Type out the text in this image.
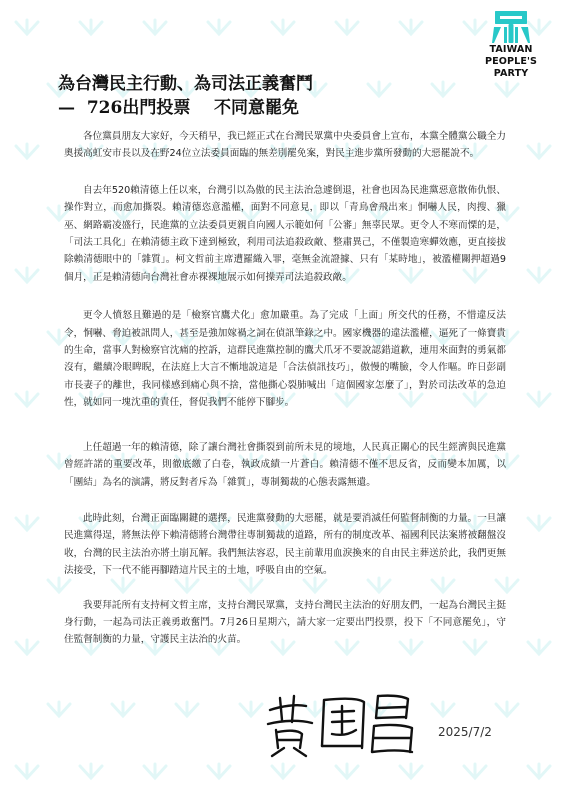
TAIWAN
PEOPLE'S
PARTY
為台灣民主行動、為司法正義奮鬥
—  726出門投票    不同意罷免

各位黨員朋友大家好，今天稍早，我已經正式在台灣民眾黨中央委員會上宣布，本黨全體黨公職全力奧援高虹安市長以及在野24位立法委員面臨的無差別罷免案，對民主進步黨所發動的大惡罷說不。

自去年520賴清德上任以來，台灣引以為傲的民主法治急遽倒退，社會也因為民進黨惡意散佈仇恨、操作對立，而愈加撕裂。賴清德恣意濫權，面對不同意見，即以「青鳥會飛出來」恫嚇人民，肉搜、獵巫、網路霸凌盛行，民進黨的立法委員更親自向國人示範如何「公審」無辜民眾。更令人不寒而慄的是，「司法工具化」在賴清德主政下達到極致，利用司法追殺政敵、整肅異己，不僅製造寒蟬效應，更直接拔除賴清德眼中的「雜質」。柯文哲前主席遭羅織入罪，毫無金流證據、只有「某時地」，被濫權關押超過9個月，正是賴清德向台灣社會赤裸裸地展示如何操弄司法追殺政敵。

更令人憤怒且難過的是「檢察官鷹犬化」愈加嚴重。為了完成「上面」所交代的任務，不惜違反法令，恫嚇、脅迫被訊問人，甚至是強加嫁禍之詞在偵訊筆錄之中。國家機器的違法濫權，逼死了一條寶貴的生命，當事人對檢察官沈痛的控訴，這群民進黨控制的鷹犬爪牙不要說認錯道歉，連用來面對的勇氣都沒有，繼續冷眼睥睨，在法庭上大言不慚地說這是「合法偵訊技巧」，傲慢的嘴臉，令人作嘔。昨日彭副市長妻子的離世，我同樣感到痛心與不捨，當他撕心裂肺喊出「這個國家怎麼了」，對於司法改革的急迫性，就如同一塊沈重的責任，督促我們不能停下腳步。

上任超過一年的賴清德，除了讓台灣社會撕裂到前所未見的境地，人民真正關心的民生經濟與民進黨曾經許諾的重要改革，則徹底繳了白卷，執政成績一片蒼白。賴清德不僅不思反省，反而變本加厲，以「團結」為名的演講，將反對者斥為「雜質」，專制獨裁的心態表露無遺。

此時此刻，台灣正面臨關鍵的選擇，民進黨發動的大惡罷，就是要消滅任何監督制衡的力量。一旦讓民進黨得逞，將無法停下賴清德將台灣帶往專制獨裁的道路，所有的制度改革、福國利民法案將被翻盤沒收，台灣的民主法治亦將土崩瓦解。我們無法容忍，民主前輩用血淚換來的自由民主葬送於此，我們更無法接受，下一代不能再腳踏這片民主的土地，呼吸自由的空氣。

我要拜託所有支持柯文哲主席，支持台灣民眾黨，支持台灣民主法治的好朋友們，一起為台灣民主挺身行動，一起為司法正義勇敢奮鬥。7月26日星期六，請大家一定要出門投票，投下「不同意罷免」，守住監督制衡的力量，守護民主法治的火苗。

2025/7/2
